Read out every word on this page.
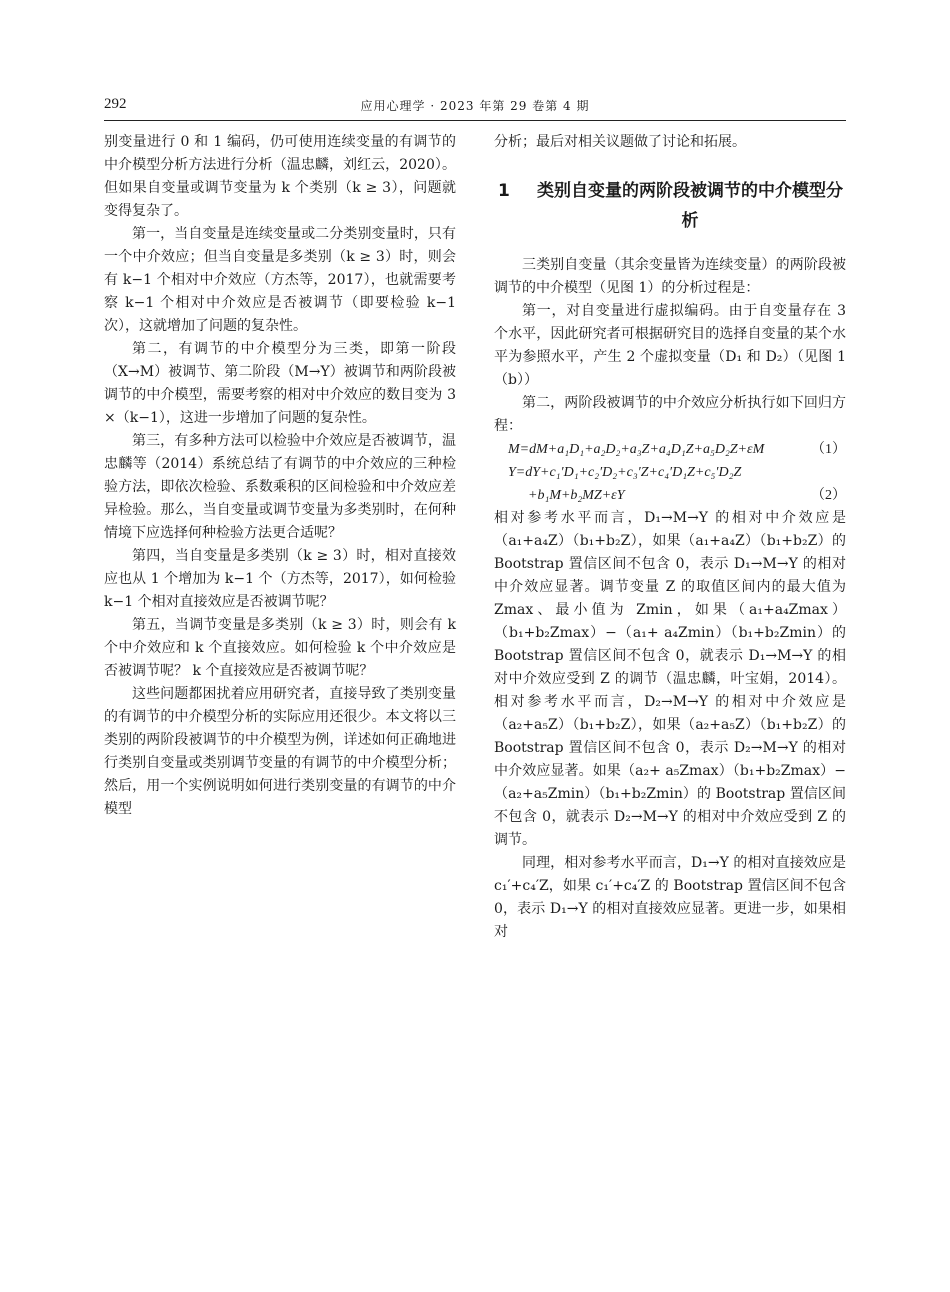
292	应用心理学 · 2023 年第 29 卷第 4 期

别变量进行 0 和 1 编码，仍可使用连续变量的有调节的中介模型分析方法进行分析（温忠麟，刘红云，2020）。但如果自变量或调节变量为 k 个类别（k ≥ 3），问题就变得复杂了。

第一，当自变量是连续变量或二分类别变量时，只有一个中介效应；但当自变量是多类别（k ≥ 3）时，则会有 k−1 个相对中介效应（方杰等，2017），也就需要考察 k−1 个相对中介效应是否被调节（即要检验 k−1 次），这就增加了问题的复杂性。

第二，有调节的中介模型分为三类，即第一阶段（X→M）被调节、第二阶段（M→Y）被调节和两阶段被调节的中介模型，需要考察的相对中介效应的数目变为 3 ×（k−1），这进一步增加了问题的复杂性。

第三，有多种方法可以检验中介效应是否被调节，温忠麟等（2014）系统总结了有调节的中介效应的三种检验方法，即依次检验、系数乘积的区间检验和中介效应差异检验。那么，当自变量或调节变量为多类别时，在何种情境下应选择何种检验方法更合适呢？

第四，当自变量是多类别（k ≥ 3）时，相对直接效应也从 1 个增加为 k−1 个（方杰等，2017），如何检验 k−1 个相对直接效应是否被调节呢？

第五，当调节变量是多类别（k ≥ 3）时，则会有 k 个中介效应和 k 个直接效应。如何检验 k 个中介效应是否被调节呢？ k 个直接效应是否被调节呢？

这些问题都困扰着应用研究者，直接导致了类别变量的有调节的中介模型分析的实际应用还很少。本文将以三类别的两阶段被调节的中介模型为例，详述如何正确地进行类别自变量或类别调节变量的有调节的中介模型分析；然后，用一个实例说明如何进行类别变量的有调节的中介模型

分析；最后对相关议题做了讨论和拓展。

1	类别自变量的两阶段被调节的中介模型分析

三类别自变量（其余变量皆为连续变量）的两阶段被调节的中介模型（见图 1）的分析过程是：

第一，对自变量进行虚拟编码。由于自变量存在 3 个水平，因此研究者可根据研究目的选择自变量的某个水平为参照水平，产生 2 个虚拟变量（D₁ 和 D₂）（见图 1（b））

第二，两阶段被调节的中介效应分析执行如下回归方程：

M=dM+a₁D₁+a₂D₂+a₃Z+a₄D₁Z+a₅D₂Z+εM	（1）
Y=dY+c₁′D₁+c₂′D₂+c₃′Z+c₄′D₁Z+c₅′D₂Z
+b₁M+b₂MZ+εY	（2）

相对参考水平而言，D₁→M→Y 的相对中介效应是（a₁+a₄Z）（b₁+b₂Z），如果（a₁+a₄Z）（b₁+b₂Z）的 Bootstrap 置信区间不包含 0，表示 D₁→M→Y 的相对中介效应显著。调节变量 Z 的取值区间内的最大值为 Zmax、最小值为 Zmin，如果（a₁+a₄Zmax）（b₁+b₂Zmax）−（a₁+ a₄Zmin）（b₁+b₂Zmin）的 Bootstrap 置信区间不包含 0，就表示 D₁→M→Y 的相对中介效应受到 Z 的调节（温忠麟，叶宝娟，2014）。相对参考水平而言，D₂→M→Y 的相对中介效应是（a₂+a₅Z）（b₁+b₂Z），如果（a₂+a₅Z）（b₁+b₂Z）的 Bootstrap 置信区间不包含 0，表示 D₂→M→Y 的相对中介效应显著。如果（a₂+ a₅Zmax）（b₁+b₂Zmax）−（a₂+a₅Zmin）（b₁+b₂Zmin）的 Bootstrap 置信区间不包含 0，就表示 D₂→M→Y 的相对中介效应受到 Z 的调节。

同理，相对参考水平而言，D₁→Y 的相对直接效应是 c₁′+c₄′Z，如果 c₁′+c₄′Z 的 Bootstrap 置信区间不包含 0，表示 D₁→Y 的相对直接效应显著。更进一步，如果相对
